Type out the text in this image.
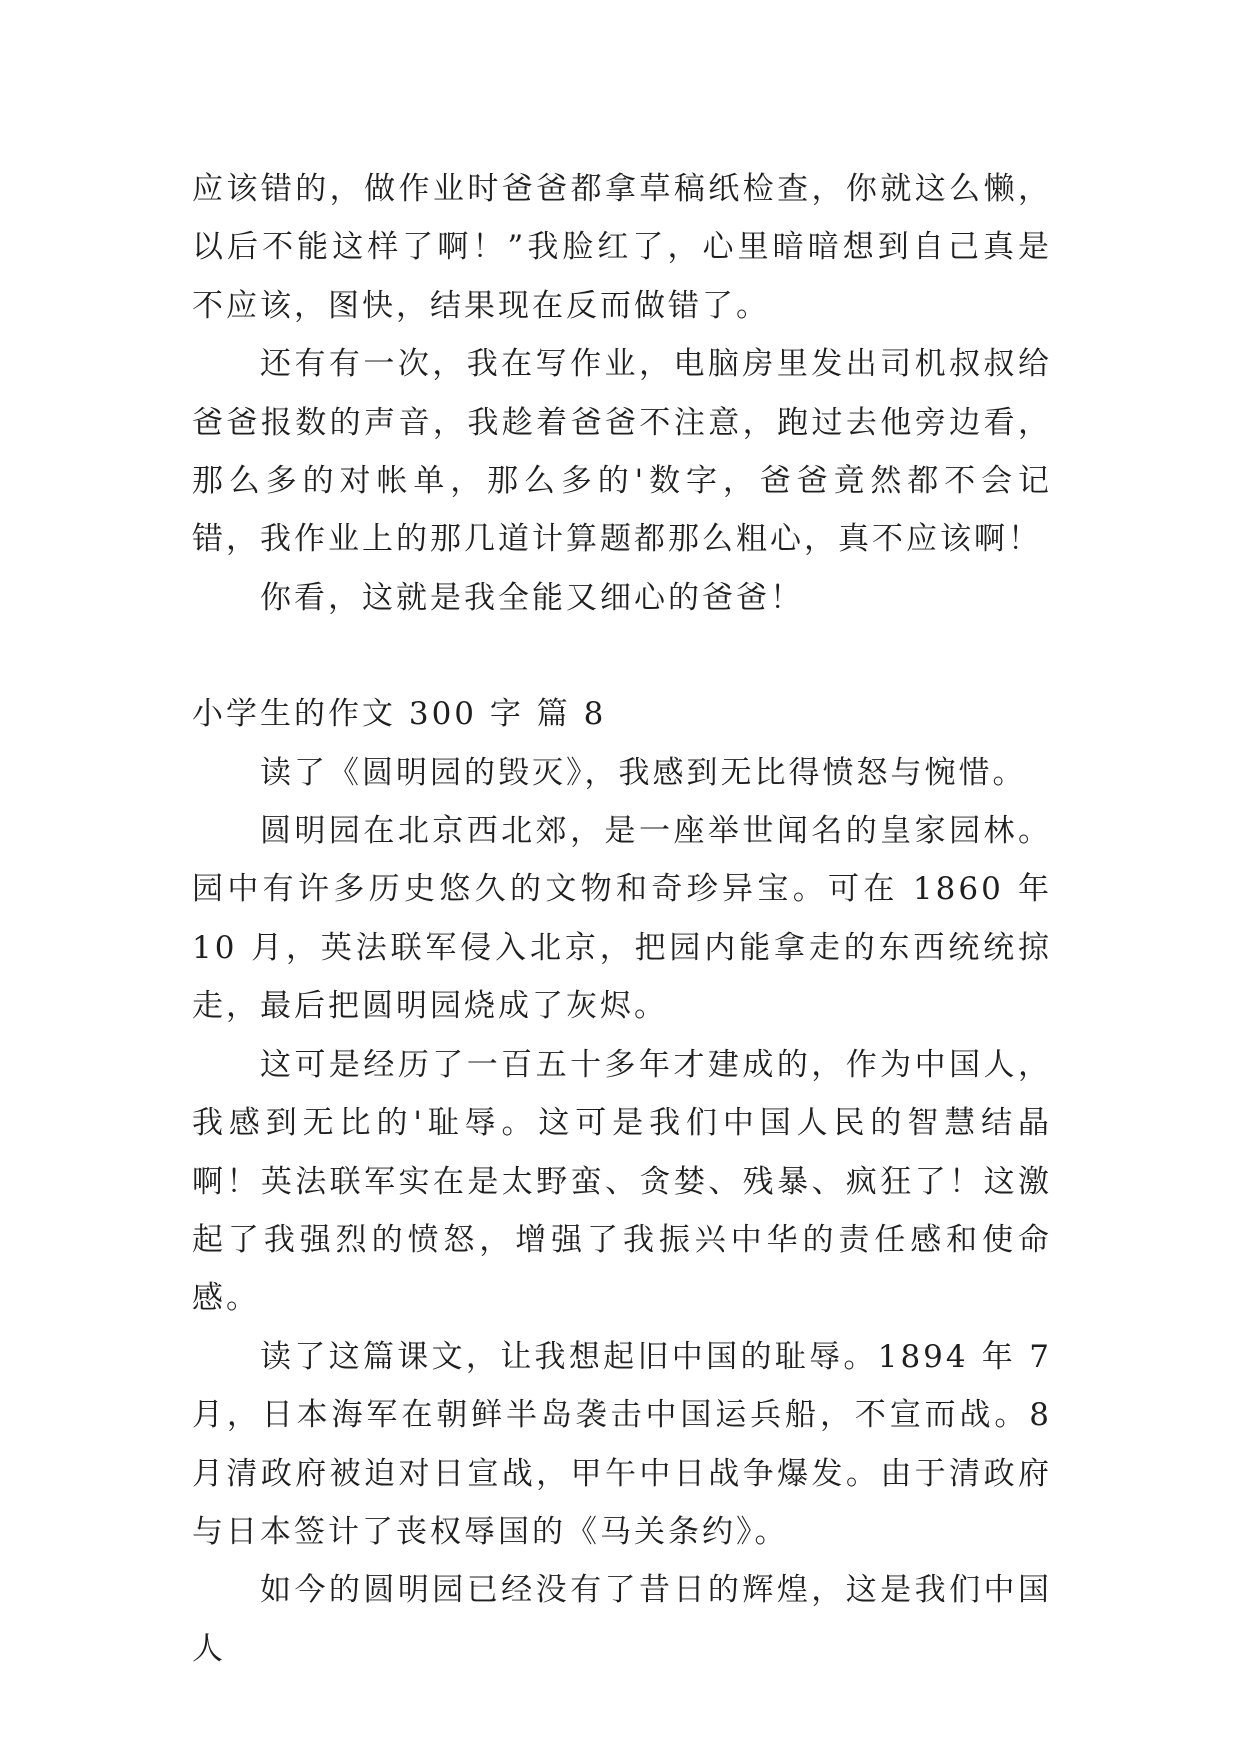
应该错的，做作业时爸爸都拿草稿纸检查，你就这么懒，以后不能这样了啊！”我脸红了，心里暗暗想到自己真是不应该，图快，结果现在反而做错了。

还有有一次，我在写作业，电脑房里发出司机叔叔给爸爸报数的声音，我趁着爸爸不注意，跑过去他旁边看，那么多的对帐单，那么多的'数字，爸爸竟然都不会记错，我作业上的那几道计算题都那么粗心，真不应该啊！

你看，这就是我全能又细心的爸爸！

小学生的作文 300 字 篇 8

读了《圆明园的毁灭》，我感到无比得愤怒与惋惜。

圆明园在北京西北郊，是一座举世闻名的皇家园林。园中有许多历史悠久的文物和奇珍异宝。可在 1860 年 10 月，英法联军侵入北京，把园内能拿走的东西统统掠走，最后把圆明园烧成了灰烬。

这可是经历了一百五十多年才建成的，作为中国人，我感到无比的'耻辱。这可是我们中国人民的智慧结晶啊！英法联军实在是太野蛮、贪婪、残暴、疯狂了！这激起了我强烈的愤怒，增强了我振兴中华的责任感和使命感。

读了这篇课文，让我想起旧中国的耻辱。1894 年 7 月，日本海军在朝鲜半岛袭击中国运兵船，不宣而战。8 月清政府被迫对日宣战，甲午中日战争爆发。由于清政府与日本签计了丧权辱国的《马关条约》。

如今的圆明园已经没有了昔日的辉煌，这是我们中国人
